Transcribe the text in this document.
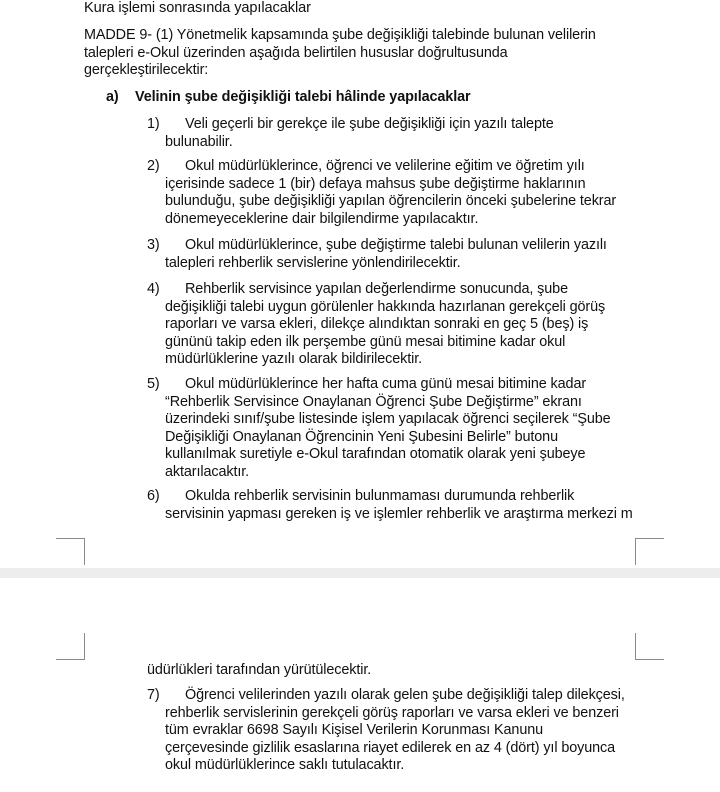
Kura işlemi sonrasında yapılacaklar
MADDE 9- (1) Yönetmelik kapsamında şube değişikliği talebinde bulunan velilerin
talepleri e-Okul üzerinden aşağıda belirtilen hususlar doğrultusunda
gerçekleştirilecektir:
a) Velinin şube değişikliği talebi hâlinde yapılacaklar
1)	Veli geçerli bir gerekçe ile şube değişikliği için yazılı talepte
bulunabilir.
2)	Okul müdürlüklerince, öğrenci ve velilerine eğitim ve öğretim yılı
içerisinde sadece 1 (bir) defaya mahsus şube değiştirme haklarının
bulunduğu, şube değişikliği yapılan öğrencilerin önceki şubelerine tekrar
dönemeyeceklerine dair bilgilendirme yapılacaktır.
3)	Okul müdürlüklerince, şube değiştirme talebi bulunan velilerin yazılı
talepleri rehberlik servislerine yönlendirilecektir.
4)	Rehberlik servisince yapılan değerlendirme sonucunda, şube
değişikliği talebi uygun görülenler hakkında hazırlanan gerekçeli görüş
raporları ve varsa ekleri, dilekçe alındıktan sonraki en geç 5 (beş) iş
gününü takip eden ilk perşembe günü mesai bitimine kadar okul
müdürlüklerine yazılı olarak bildirilecektir.
5)	Okul müdürlüklerince her hafta cuma günü mesai bitimine kadar
“Rehberlik Servisince Onaylanan Öğrenci Şube Değiştirme” ekranı
üzerindeki sınıf/şube listesinde işlem yapılacak öğrenci seçilerek “Şube
Değişikliği Onaylanan Öğrencinin Yeni Şubesini Belirle” butonu
kullanılmak suretiyle e-Okul tarafından otomatik olarak yeni şubeye
aktarılacaktır.
6)	Okulda rehberlik servisinin bulunmaması durumunda rehberlik
servisinin yapması gereken iş ve işlemler rehberlik ve araştırma merkezi m
üdürlükleri tarafından yürütülecektir.
7)	Öğrenci velilerinden yazılı olarak gelen şube değişikliği talep dilekçesi,
rehberlik servislerinin gerekçeli görüş raporları ve varsa ekleri ve benzeri
tüm evraklar 6698 Sayılı Kişisel Verilerin Korunması Kanunu
çerçevesinde gizlilik esaslarına riayet edilerek en az 4 (dört) yıl boyunca
okul müdürlüklerince saklı tutulacaktır.
